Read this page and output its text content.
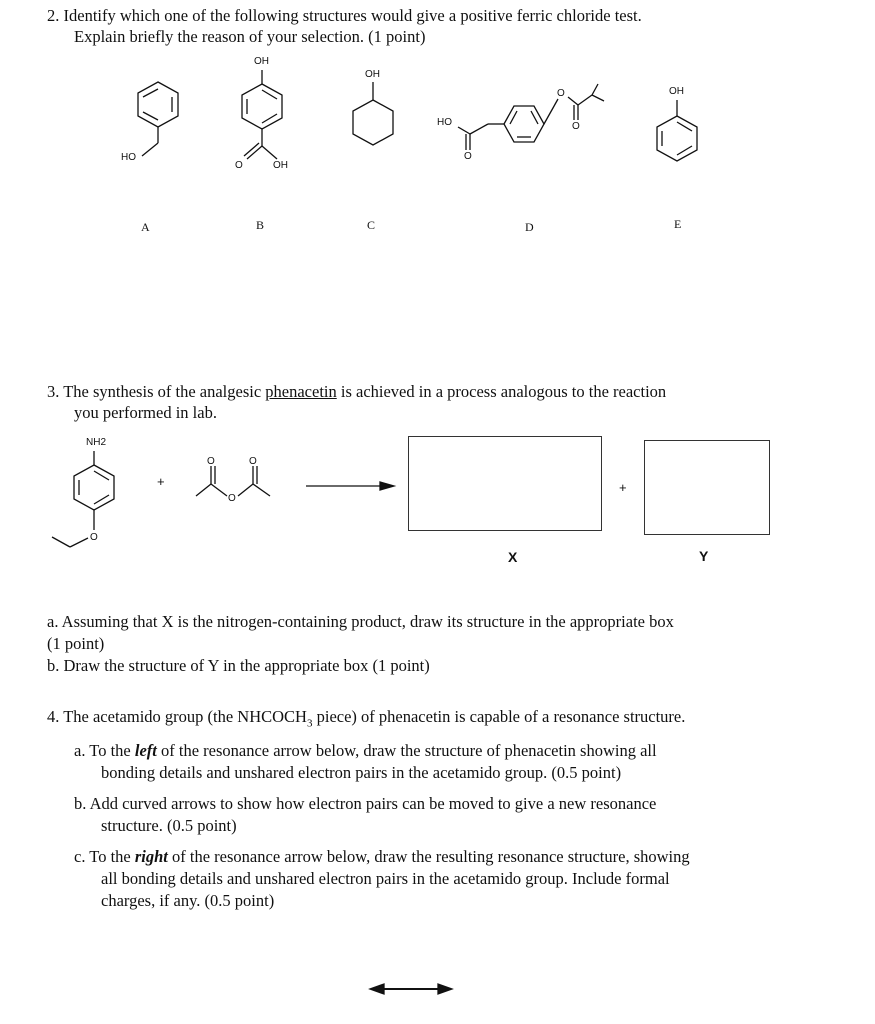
2. Identify which one of the following structures would give a positive ferric chloride test.

Explain briefly the reason of your selection. (1 point)

HO
OH
O	OH
OH
HO
O
O
O
OH
A	B	C	D	E

3. The synthesis of the analgesic phenacetin is achieved in a process analogous to the reaction

you performed in lab.

NH2
O
O	O
O
+	+
X	Y

a. Assuming that X is the nitrogen-containing product, draw its structure in the appropriate box

(1 point)

b. Draw the structure of Y in the appropriate box (1 point)

4. The acetamido group (the $NHCOCH_3$ piece) of phenacetin is capable of a resonance structure.

a. To the left of the resonance arrow below, draw the structure of phenacetin showing all

bonding details and unshared electron pairs in the acetamido group. (0.5 point)

b. Add curved arrows to show how electron pairs can be moved to give a new resonance

structure. (0.5 point)

c. To the right of the resonance arrow below, draw the resulting resonance structure, showing

all bonding details and unshared electron pairs in the acetamido group. Include formal

charges, if any. (0.5 point)
